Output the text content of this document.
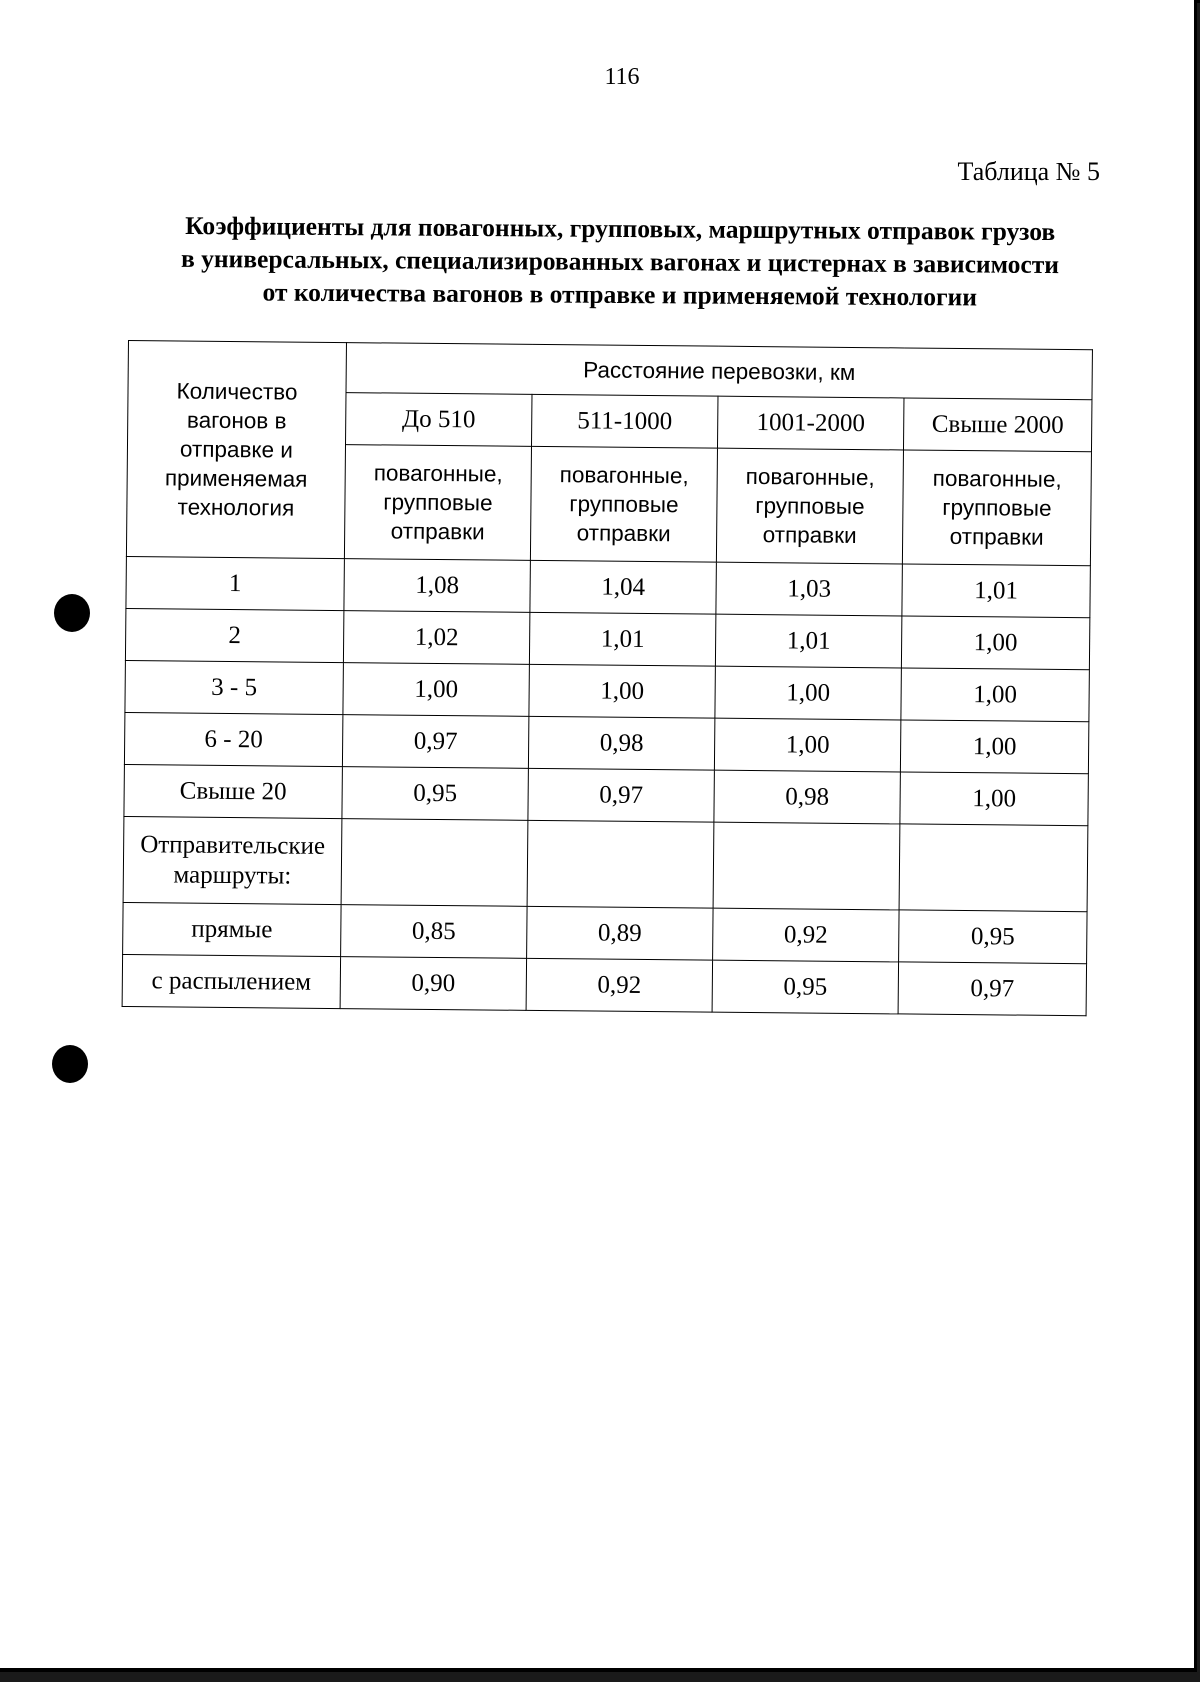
116
Таблица № 5
Коэффициенты для повагонных, групповых, маршрутных отправок грузов
в универсальных, специализированных вагонах и цистернах в зависимости
от количества вагонов в отправке и применяемой технологии
Количество вагонов в отправке и применяемая технология	Расстояние перевозки, км			
	До 510	511-1000	1001-2000	Свыше 2000
	повагонные, групповые отправки	повагонные, групповые отправки	повагонные, групповые отправки	повагонные, групповые отправки
1	1,08	1,04	1,03	1,01
2	1,02	1,01	1,01	1,00
3 - 5	1,00	1,00	1,00	1,00
6 - 20	0,97	0,98	1,00	1,00
Свыше 20	0,95	0,97	0,98	1,00
Отправительские маршруты:				
прямые	0,85	0,89	0,92	0,95
с распылением	0,90	0,92	0,95	0,97
